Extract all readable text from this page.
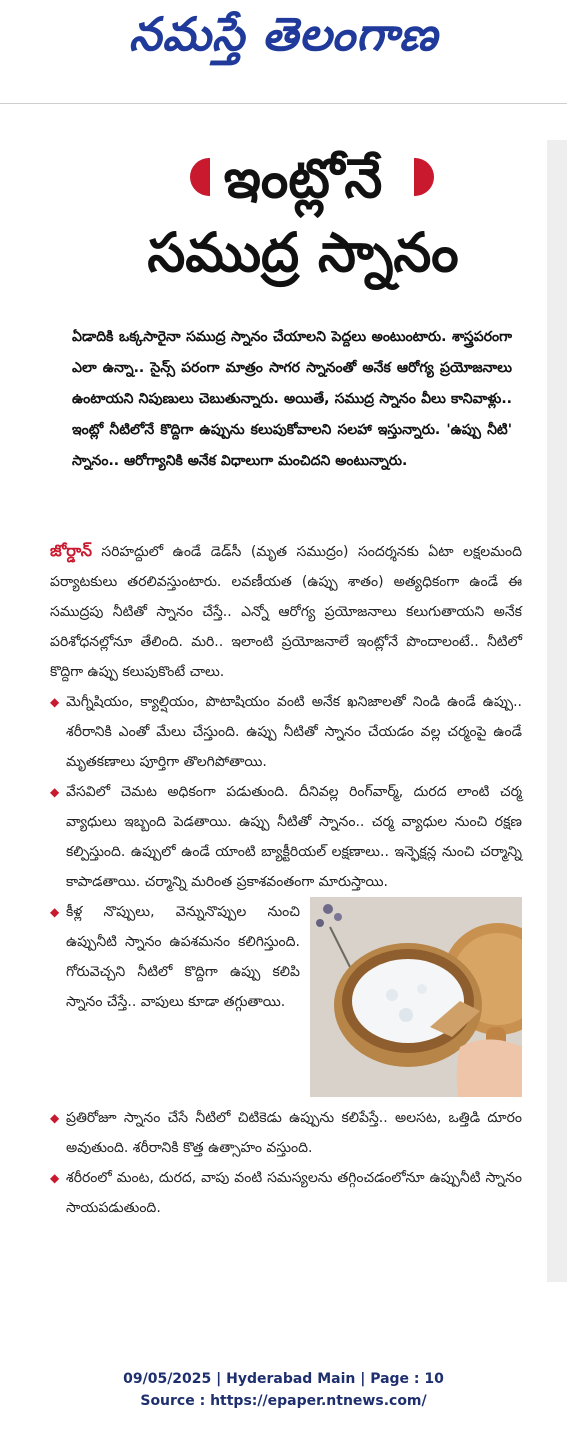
నమస్తే తెలంగాణ
ఇంట్లోనే

సముద్ర స్నానం
ఏడాదికి ఒక్కసారైనా సముద్ర స్నానం చేయాలని పెద్దలు అంటుంటారు. శాస్త్రపరంగా ఎలా ఉన్నా.. సైన్స్ పరంగా మాత్రం సాగర స్నానంతో అనేక ఆరోగ్య ప్రయోజనాలు ఉంటాయని నిపుణులు చెబుతున్నారు. అయితే, సముద్ర స్నానం వీలు కానివాళ్లు.. ఇంట్లో నీటిలోనే కొద్దిగా ఉప్పును కలుపుకోవాలని సలహా ఇస్తున్నారు. 'ఉప్పు నీటి' స్నానం.. ఆరోగ్యానికి అనేక విధాలుగా మంచిదని అంటున్నారు.

జోర్డాన్ సరిహద్దులో ఉండే డెడ్‌సీ (మృత సముద్రం) సందర్శనకు ఏటా లక్షలమంది పర్యాటకులు తరలివస్తుంటారు. లవణీయత (ఉప్పు శాతం) అత్యధికంగా ఉండే ఈ సముద్రపు నీటితో స్నానం చేస్తే.. ఎన్నో ఆరోగ్య ప్రయోజనాలు కలుగుతాయని అనేక పరిశోధనల్లోనూ తేలింది. మరి.. ఇలాంటి ప్రయోజనాలే ఇంట్లోనే పొందాలంటే.. నీటిలో కొద్దిగా ఉప్పు కలుపుకొంటే చాలు.

◆ మెగ్నీషియం, క్యాల్షియం, పొటాషియం వంటి అనేక ఖనిజాలతో నిండి ఉండే ఉప్పు.. శరీరానికి ఎంతో మేలు చేస్తుంది. ఉప్పు నీటితో స్నానం చేయడం వల్ల చర్మంపై ఉండే మృతకణాలు పూర్తిగా తొలగిపోతాయి.
◆ వేసవిలో చెమట అధికంగా పడుతుంది. దీనివల్ల రింగ్‌వార్మ్, దురద లాంటి చర్మ వ్యాధులు ఇబ్బంది పెడతాయి. ఉప్పు నీటితో స్నానం.. చర్మ వ్యాధుల నుంచి రక్షణ కల్పిస్తుంది. ఉప్పులో ఉండే యాంటి బ్యాక్టీరియల్ లక్షణాలు.. ఇన్ఫెక్షన్ల నుంచి చర్మాన్ని కాపాడతాయి. చర్మాన్ని మరింత ప్రకాశవంతంగా మారుస్తాయి.
◆ కీళ్ల నొప్పులు, వెన్నునొప్పుల నుంచి ఉప్పునీటి స్నానం ఉపశమనం కలిగిస్తుంది. గోరువెచ్చని నీటిలో కొద్దిగా ఉప్పు కలిపి స్నానం చేస్తే.. వాపులు కూడా తగ్గుతాయి.
◆ ప్రతిరోజూ స్నానం చేసే నీటిలో చిటికెడు ఉప్పును కలిపేస్తే.. అలసట, ఒత్తిడి దూరం అవుతుంది. శరీరానికి కొత్త ఉత్సాహం వస్తుంది.
◆ శరీరంలో మంట, దురద, వాపు వంటి సమస్యలను తగ్గించడంలోనూ ఉప్పునీటి స్నానం సాయపడుతుంది.
09/05/2025 | Hyderabad Main | Page : 10
Source : https://epaper.ntnews.com/
